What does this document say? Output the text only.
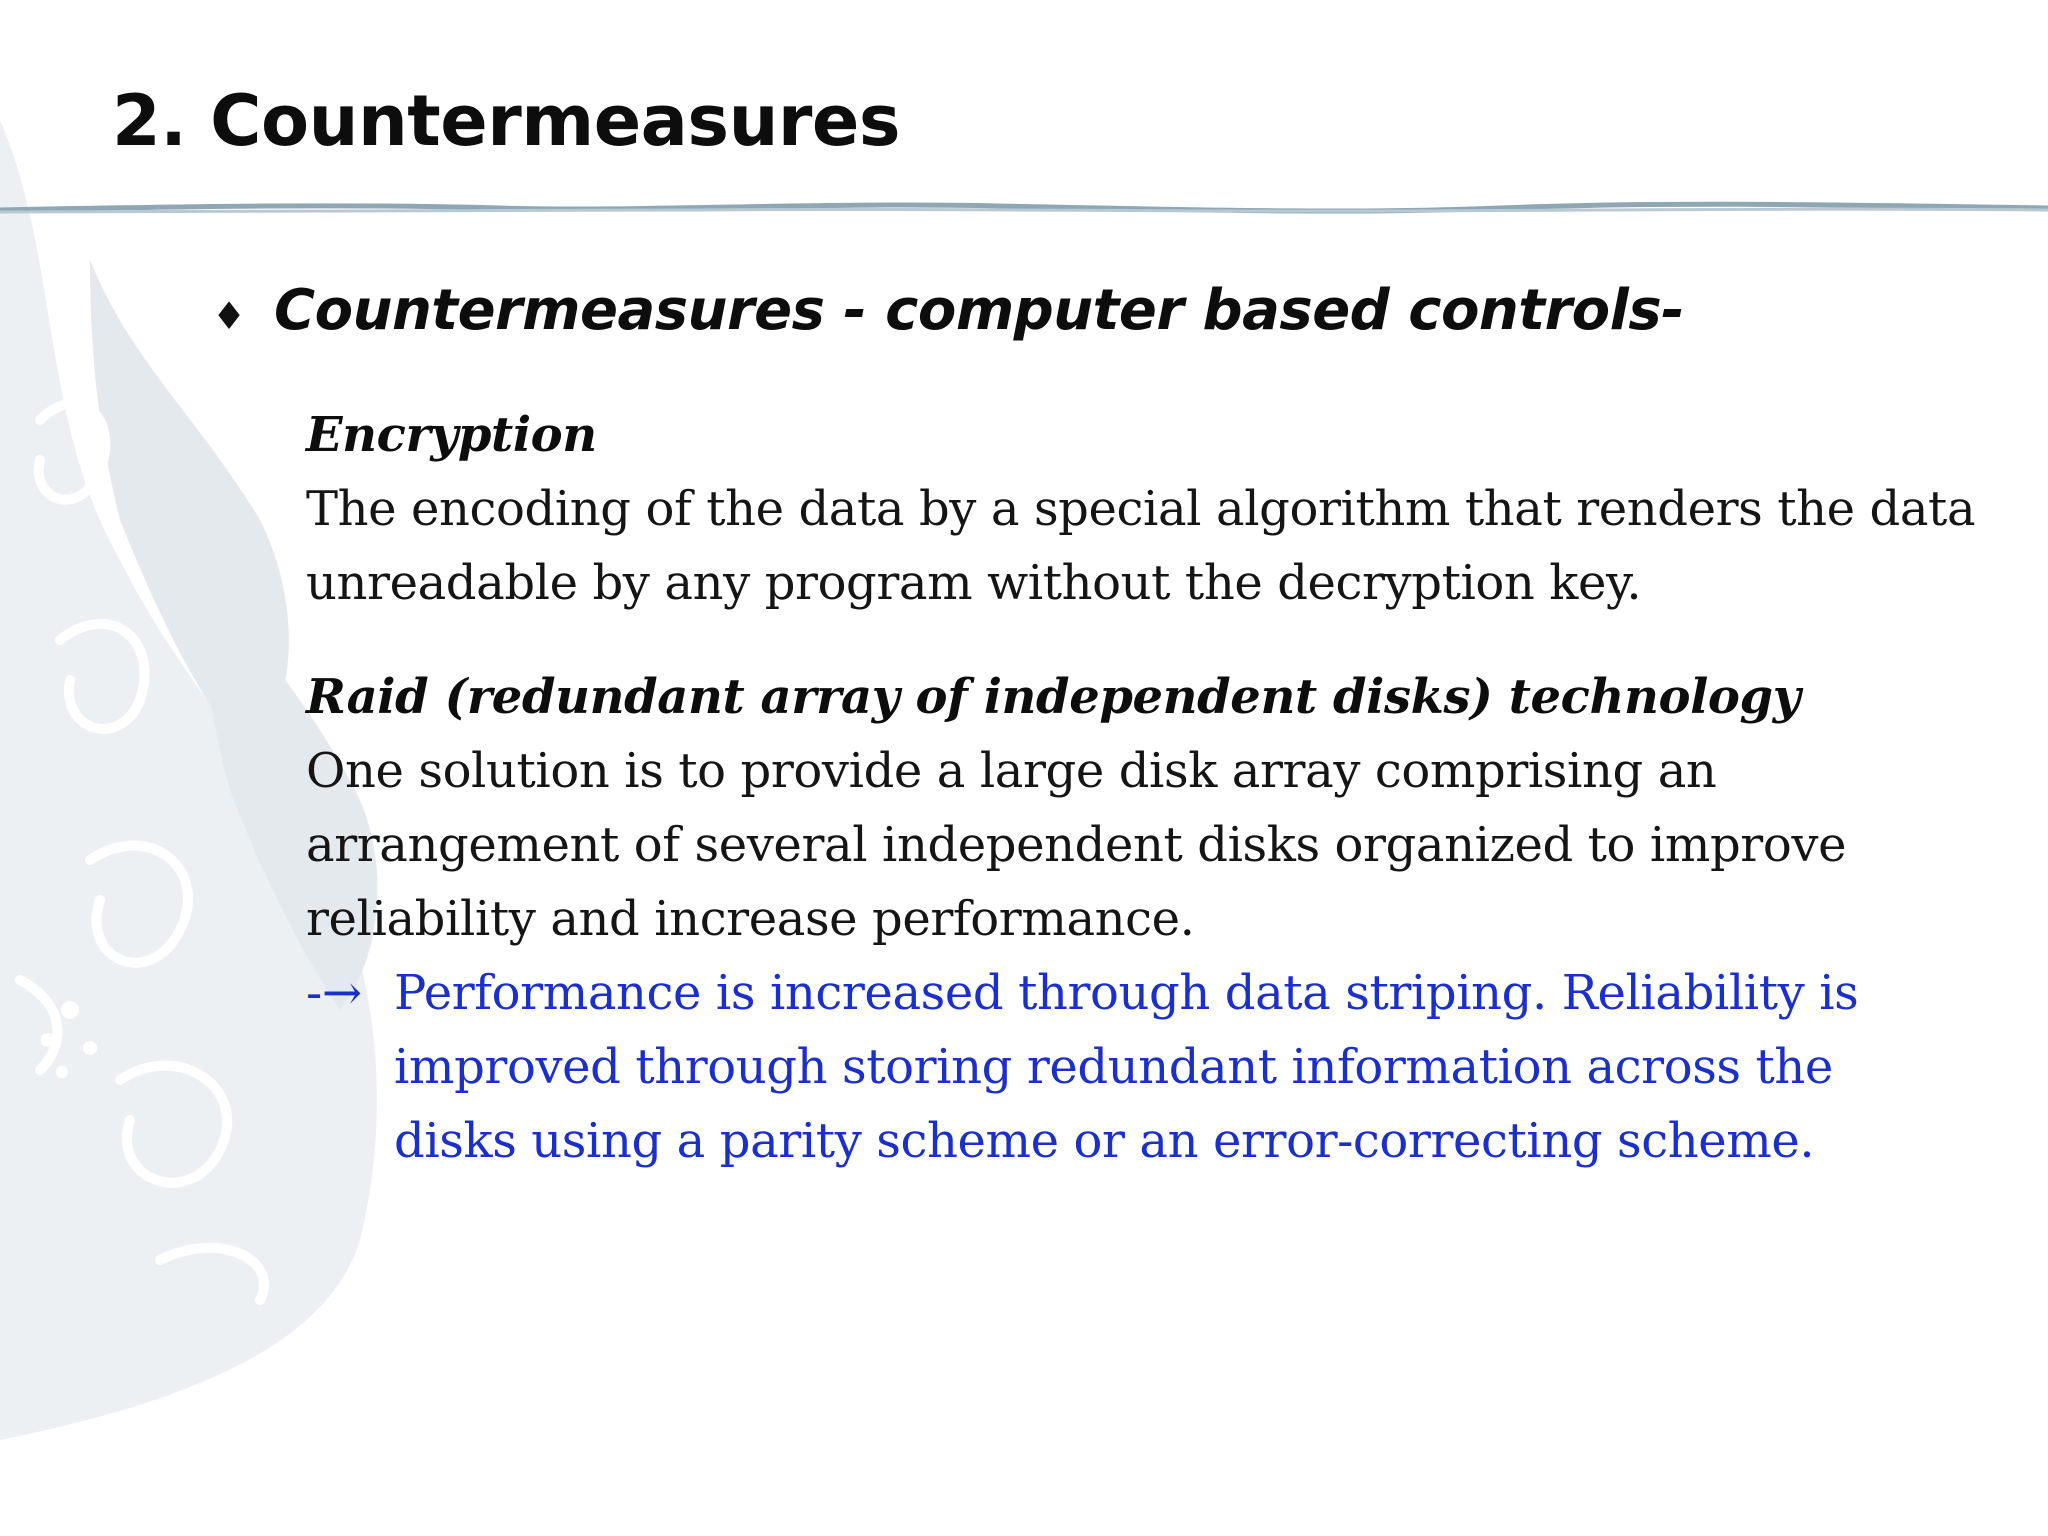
2. Countermeasures
♦ Countermeasures - computer based controls-

Encryption

The encoding of the data by a special algorithm that renders the data

unreadable by any program without the decryption key.

Raid (redundant array of independent disks) technology

One solution is to provide a large disk array comprising an

arrangement of several independent disks organized to improve

reliability and increase performance.

-→ Performance is increased through data striping. Reliability is

improved through storing redundant information across the

disks using a parity scheme or an error-correcting scheme.
